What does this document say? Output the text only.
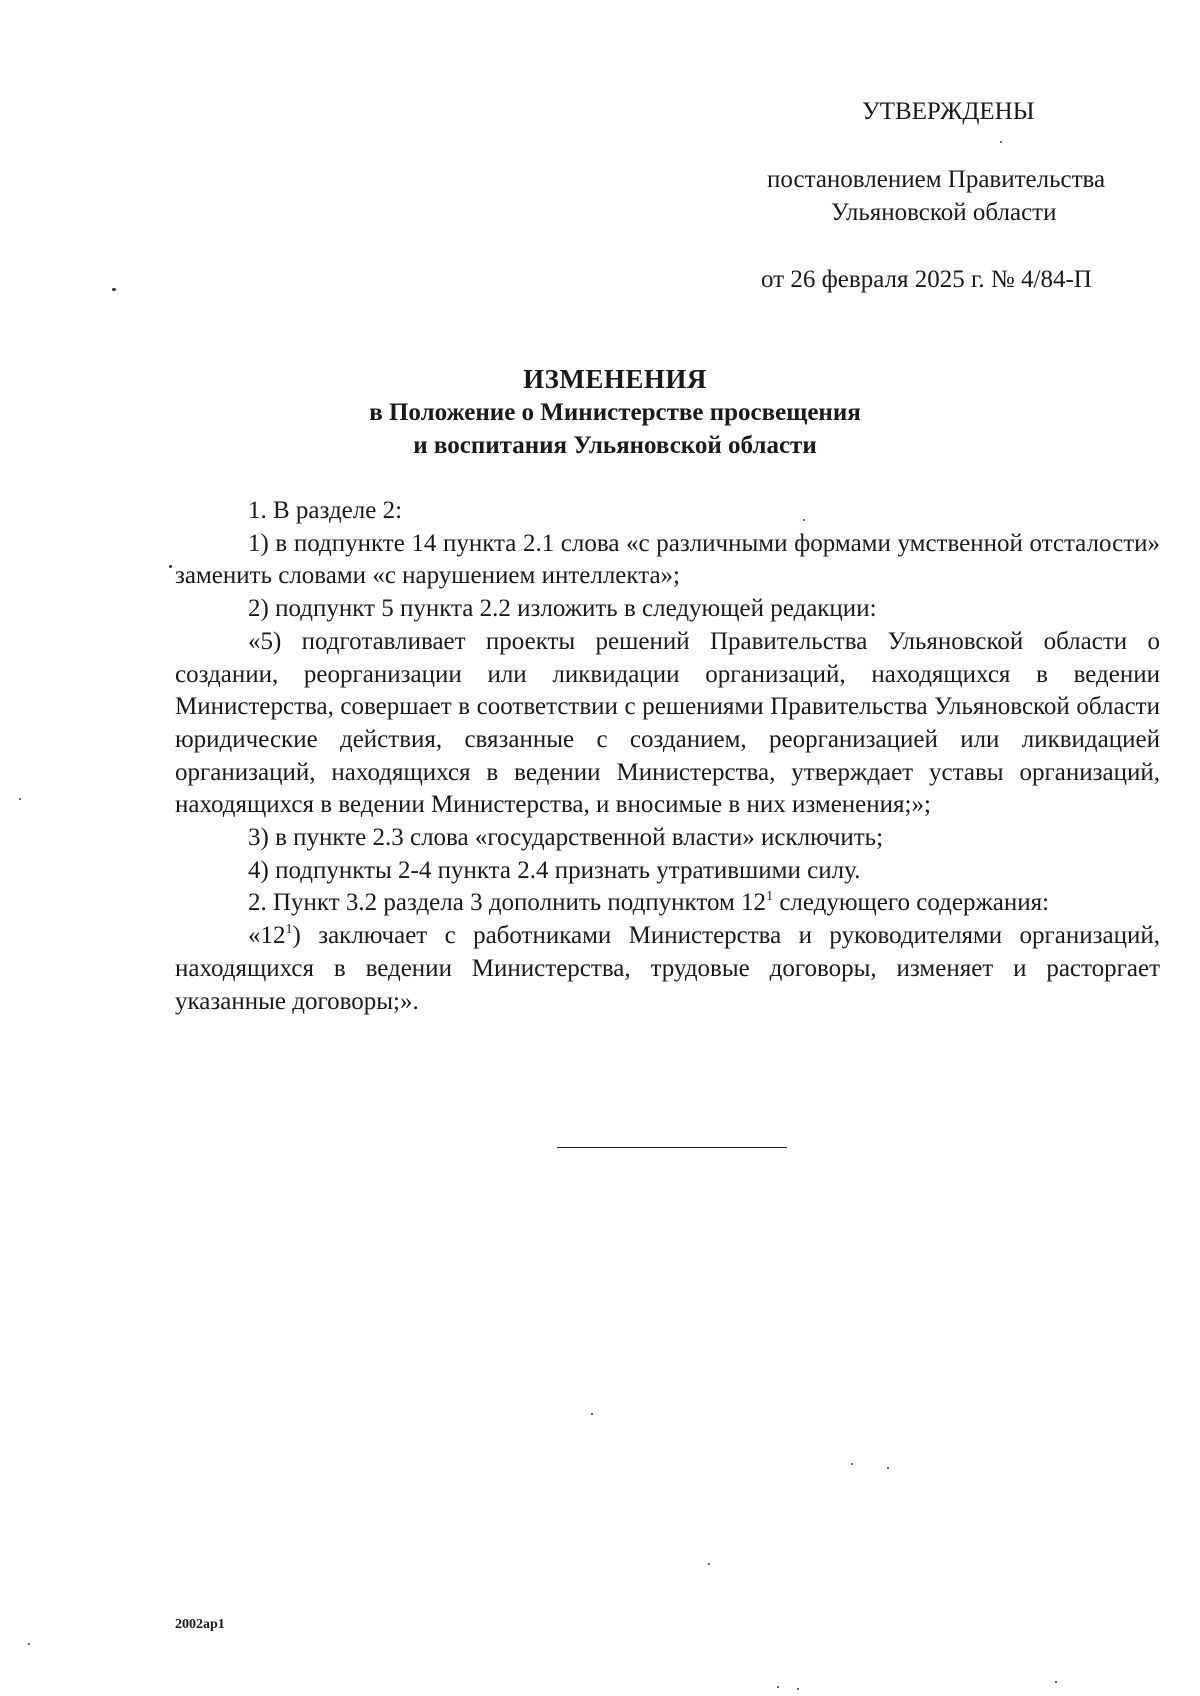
УТВЕРЖДЕНЫ
постановлением Правительства
Ульяновской области
от 26 февраля 2025 г. № 4/84-П
ИЗМЕНЕНИЯ
в Положение о Министерстве просвещения
и воспитания Ульяновской области

1. В разделе 2:

1) в подпункте 14 пункта 2.1 слова «с различными формами умственной отсталости» заменить словами «с нарушением интеллекта»;

2) подпункт 5 пункта 2.2 изложить в следующей редакции:

«5) подготавливает проекты решений Правительства Ульяновской области о создании, реорганизации или ликвидации организаций, находящихся в ведении Министерства, совершает в соответствии с решениями Правительства Ульяновской области юридические действия, связанные с созданием, реорганизацией или ликвидацией организаций, находящихся в ведении Министерства, утверждает уставы организаций, находящихся в ведении Министерства, и вносимые в них изменения;»;

3) в пункте 2.3 слова «государственной власти» исключить;

4) подпункты 2-4 пункта 2.4 признать утратившими силу.

2. Пункт 3.2 раздела 3 дополнить подпунктом $12^1$ следующего содержания:

«$12^1$) заключает с работниками Министерства и руководителями организаций, находящихся в ведении Министерства, трудовые договоры, изменяет и расторгает указанные договоры;».

2002ap1
